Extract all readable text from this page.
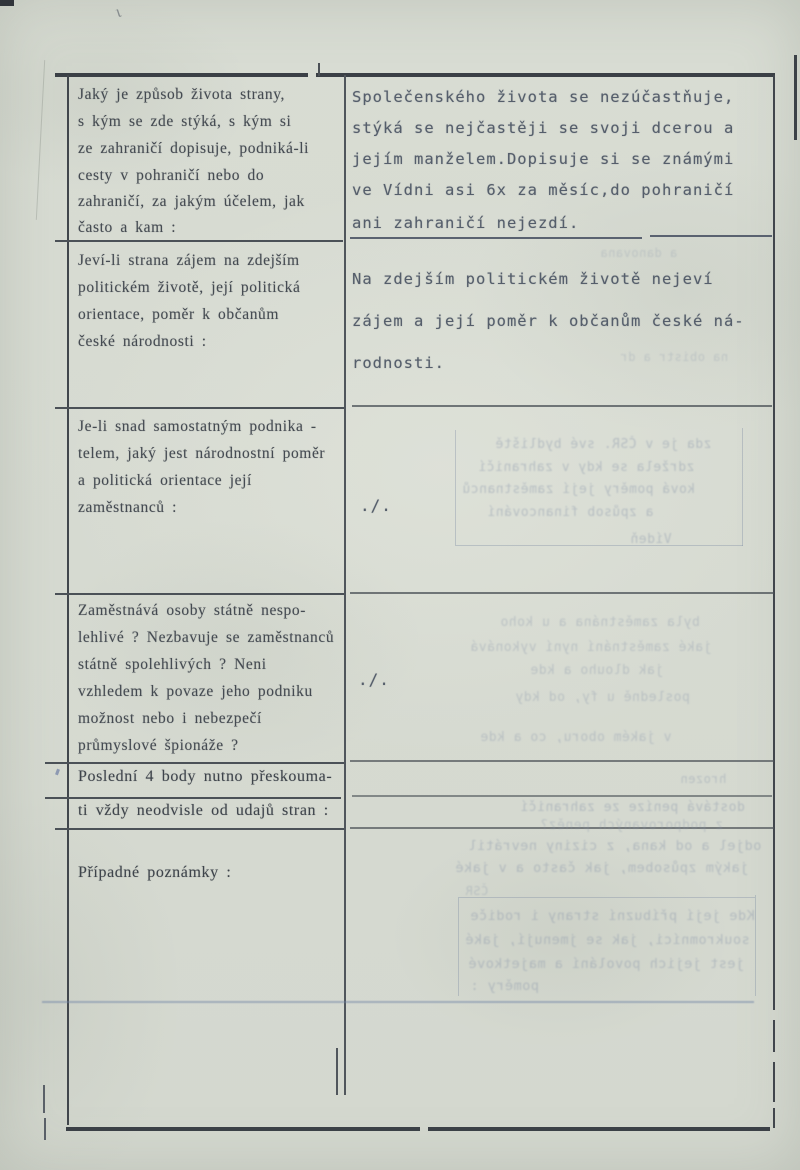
Jaký je způsob života strany,
s kým se zde stýká, s kým si
ze zahraničí dopisuje, podniká-li
cesty v pohraničí nebo do
zahraničí, za jakým účelem, jak
často a kam :
Společenského života se nezúčastňuje,
stýká se nejčastěji se svoji dcerou a
jejím manželem.Dopisuje si se známými
ve Vídni asi 6x za měsíc,do pohraničí
ani zahraničí nejezdí.
Jeví-li strana zájem na zdejším
politickém životě, její politická
orientace, poměr k občanům
české národnosti :
Na zdejším politickém životě nejeví
zájem a její poměr k občanům české ná-
rodnosti.
Je-li snad samostatným podnika -
telem, jaký jest národnostní poměr
a politická orientace její
zaměstnanců :	./.
Zaměstnává osoby státně nespo-
lehlivé ? Nezbavuje se zaměstnanců
státně spolehlivých ? Neni
vzhledem k povaze jeho podniku
možnost nebo i nebezpečí
průmyslové špionáže ?
./.
Poslední 4 body nutno přeskouma-
ti vždy neodvisle od udajů stran :
Případné poznámky :
a danovana
na obistr a dr
zda je v ČSR. své bydliště
zdržela se kdy v zahraničí
ková poměry její zaměstnanců
a způsob financování
Vídeň
byla zaměstnána a u koho
jaké zaměstnání nyní vykonává
jak dlouho a kde
posledně u fy, od kdy
v jakém oboru, co a kde
hrozen
dostává peníze ze zahraničí
z podporovaných peněz?
odjel a od kana, z ciziny nevrátil
jakým způsobem, jak často a v jaké
ČSR
Kde její příbuzní strany i rodiče
soukromníci, jak se jmenují, jaké
jest jejich povolání a majetkové
poměry :
ι
